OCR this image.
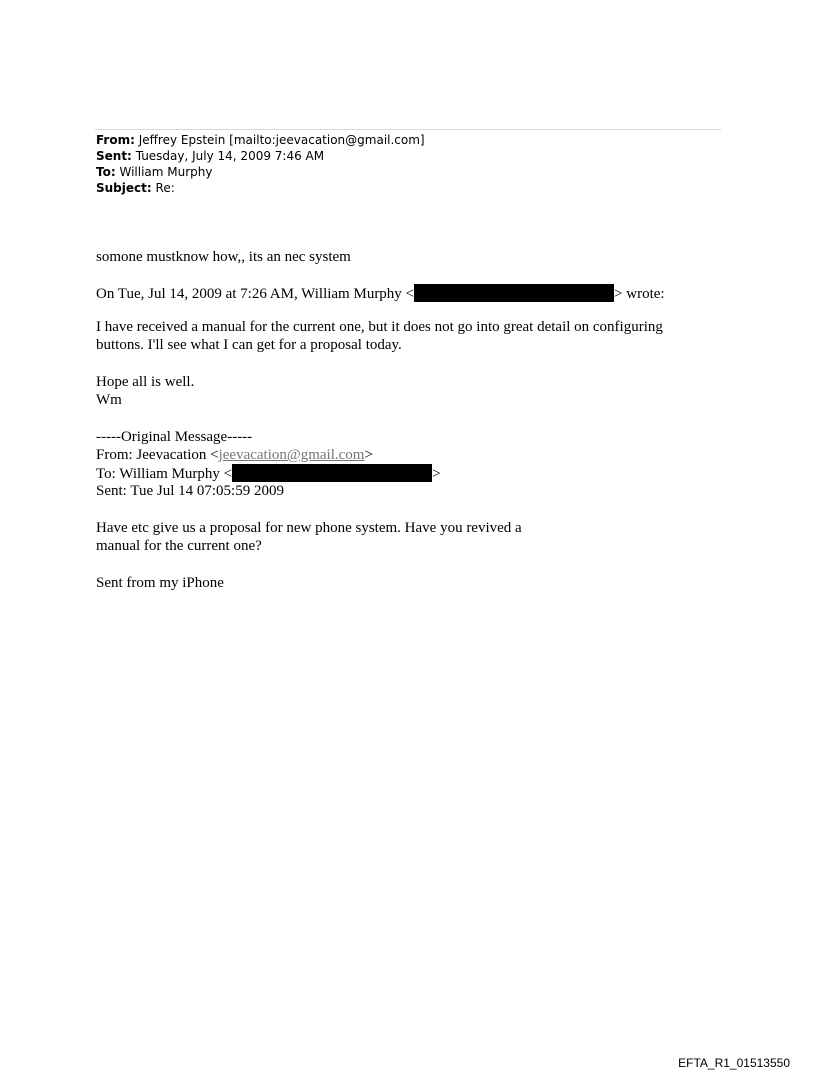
From: Jeffrey Epstein [mailto:jeevacation@gmail.com]
Sent: Tuesday, July 14, 2009 7:46 AM
To: William Murphy
Subject: Re:
somone mustknow how,, its an nec system
On Tue, Jul 14, 2009 at 7:26 AM, William Murphy <	> wrote:
I have received a manual for the current one, but it does not go into great detail on configuring
buttons. I'll see what I can get for a proposal today.
Hope all is well.
Wm
-----Original Message-----
From: Jeevacation <jeevacation@gmail.com>
To: William Murphy <	>
Sent: Tue Jul 14 07:05:59 2009
Have etc give us a proposal for new phone system. Have you revived a
manual for the current one?
Sent from my iPhone
EFTA_R1_01513550
